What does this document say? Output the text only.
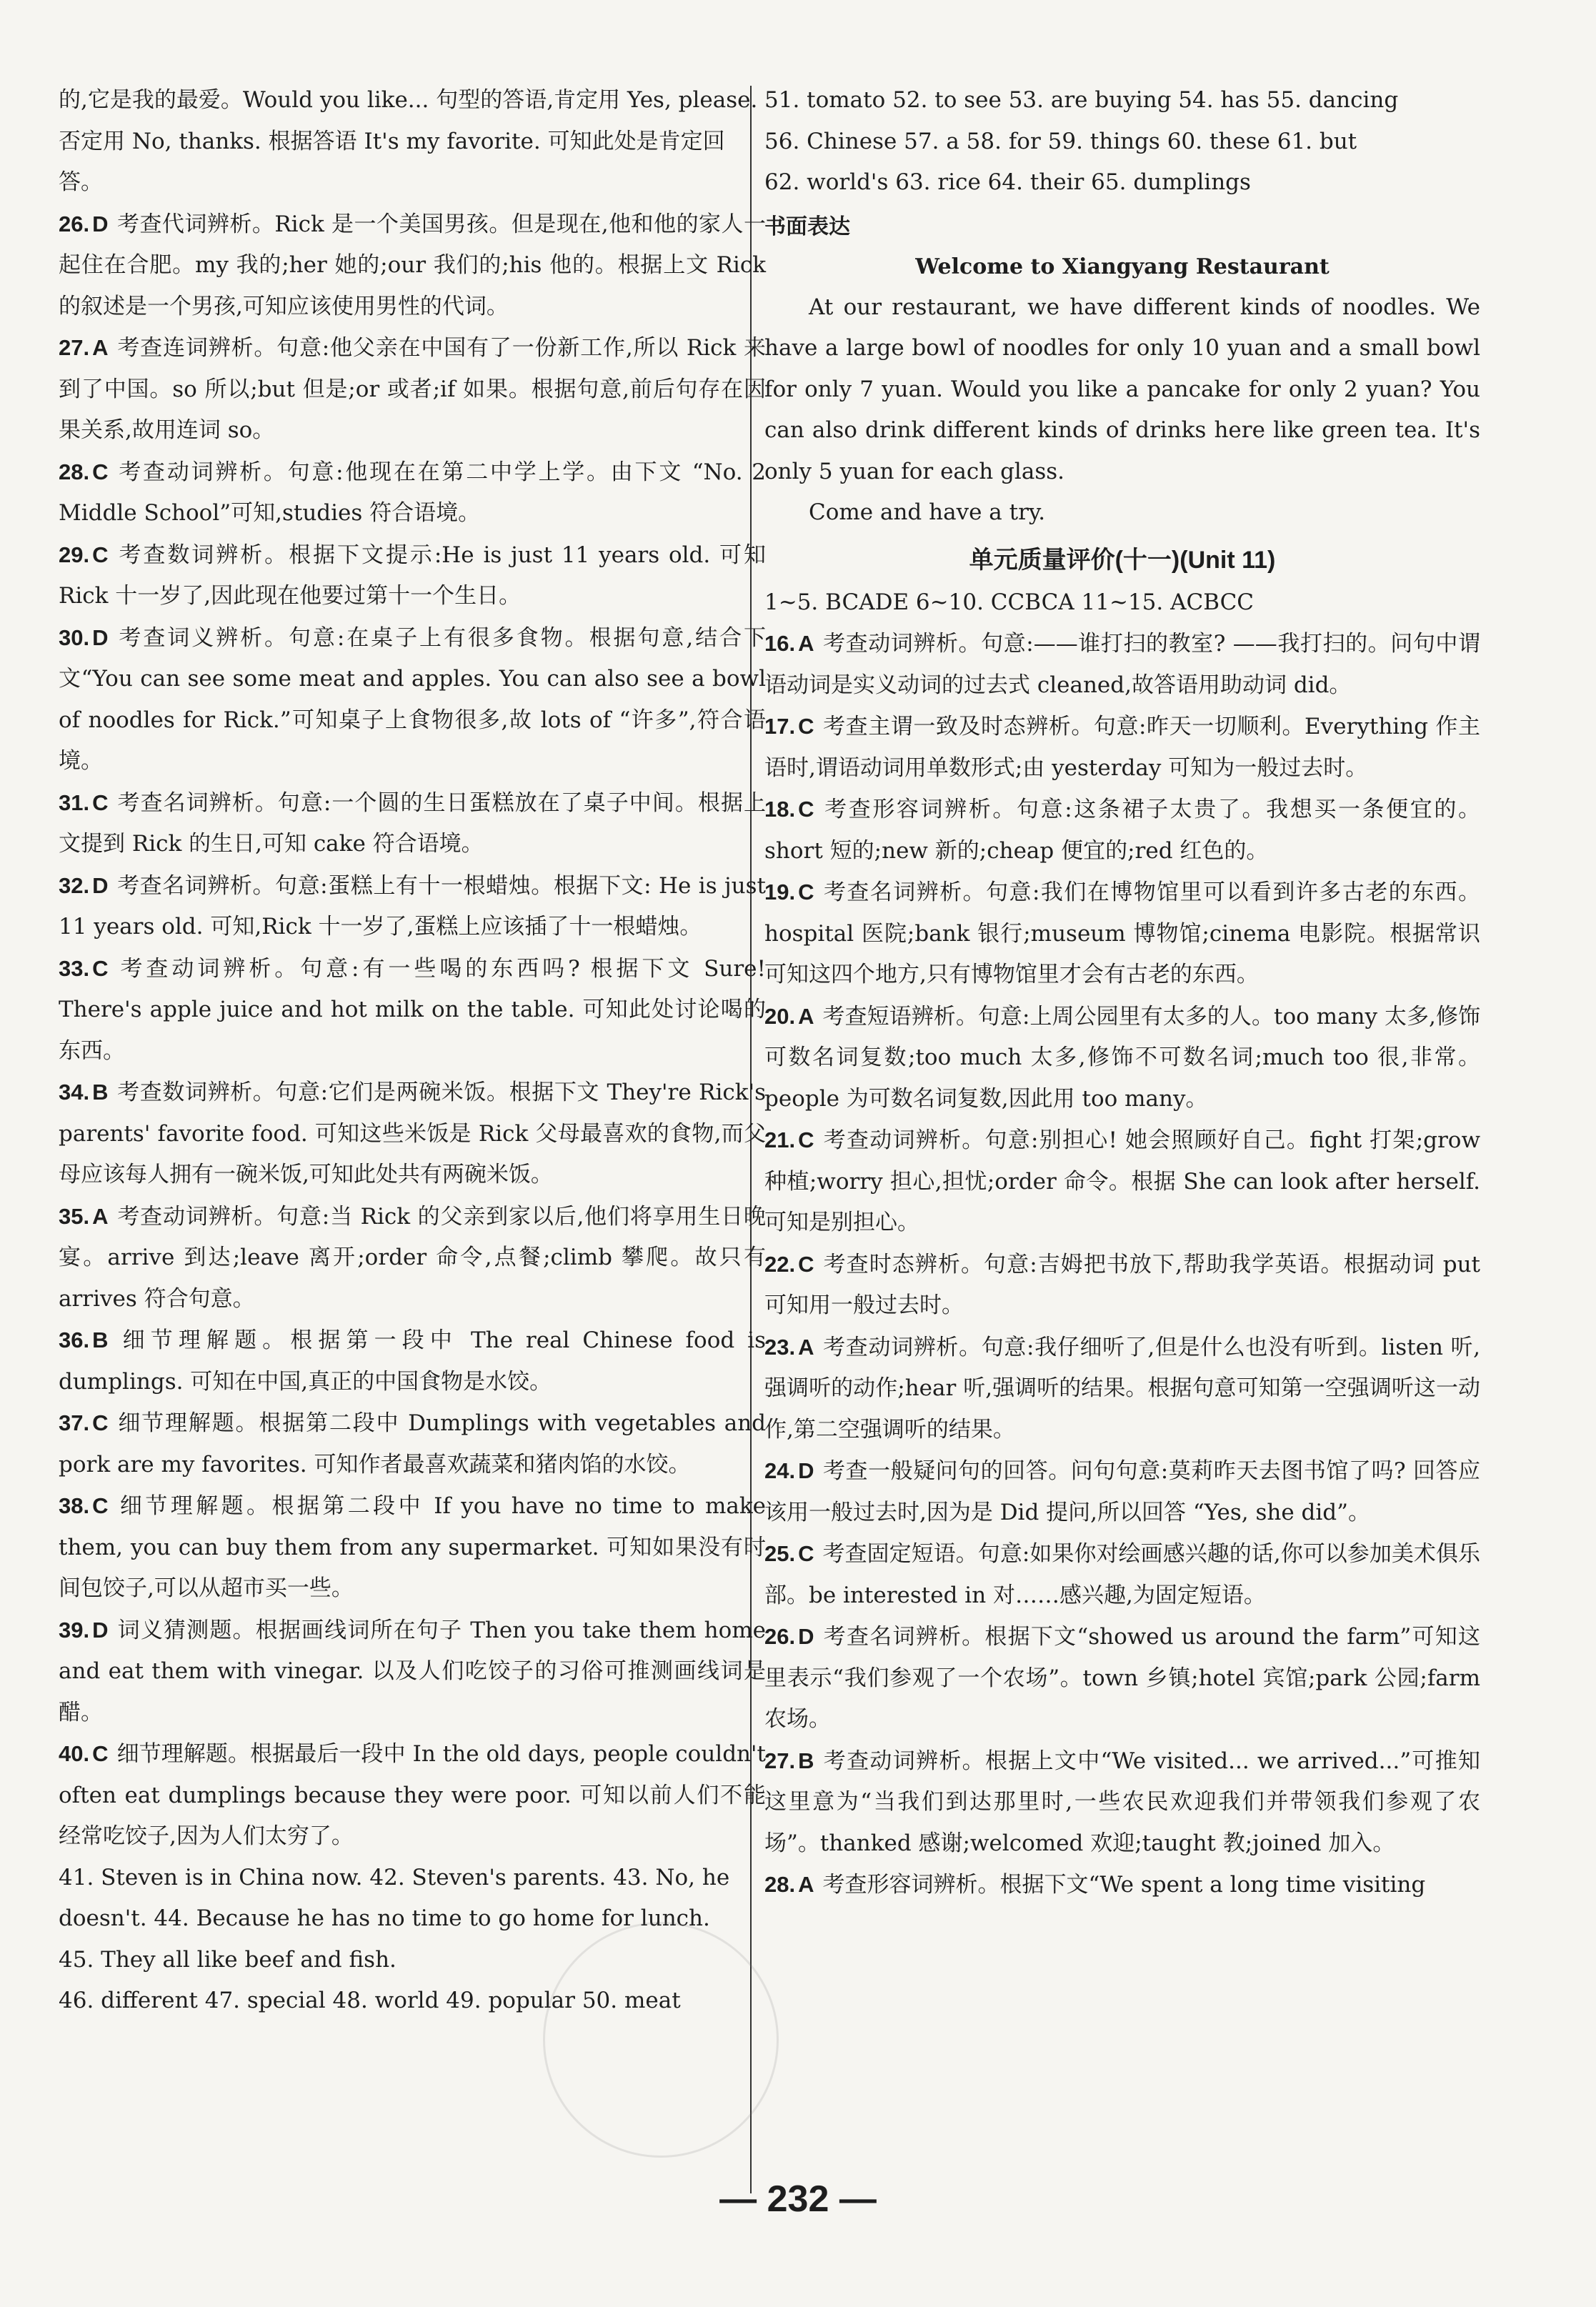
的,它是我的最爱。Would you like... 句型的答语,肯定用 Yes, please. 否定用 No, thanks. 根据答语 It's my favorite. 可知此处是肯定回答。

26. D 考查代词辨析。Rick 是一个美国男孩。但是现在,他和他的家人一起住在合肥。my 我的;her 她的;our 我们的;his 他的。根据上文 Rick 的叙述是一个男孩,可知应该使用男性的代词。

27. A 考查连词辨析。句意:他父亲在中国有了一份新工作,所以 Rick 来到了中国。so 所以;but 但是;or 或者;if 如果。根据句意,前后句存在因果关系,故用连词 so。

28. C 考查动词辨析。句意:他现在在第二中学上学。由下文 “No. 2 Middle School”可知,studies 符合语境。

29. C 考查数词辨析。根据下文提示:He is just 11 years old. 可知 Rick 十一岁了,因此现在他要过第十一个生日。

30. D 考查词义辨析。句意:在桌子上有很多食物。根据句意,结合下文“You can see some meat and apples. You can also see a bowl of noodles for Rick.”可知桌子上食物很多,故 lots of “许多”,符合语境。

31. C 考查名词辨析。句意:一个圆的生日蛋糕放在了桌子中间。根据上文提到 Rick 的生日,可知 cake 符合语境。

32. D 考查名词辨析。句意:蛋糕上有十一根蜡烛。根据下文: He is just 11 years old. 可知,Rick 十一岁了,蛋糕上应该插了十一根蜡烛。

33. C 考查动词辨析。句意:有一些喝的东西吗? 根据下文 Sure! There's apple juice and hot milk on the table. 可知此处讨论喝的东西。

34. B 考查数词辨析。句意:它们是两碗米饭。根据下文 They're Rick's parents' favorite food. 可知这些米饭是 Rick 父母最喜欢的食物,而父母应该每人拥有一碗米饭,可知此处共有两碗米饭。

35. A 考查动词辨析。句意:当 Rick 的父亲到家以后,他们将享用生日晚宴。arrive 到达;leave 离开;order 命令,点餐;climb 攀爬。故只有 arrives 符合句意。

36. B 细节理解题。根据第一段中 The real Chinese food is dumplings. 可知在中国,真正的中国食物是水饺。

37. C 细节理解题。根据第二段中 Dumplings with vegetables and pork are my favorites. 可知作者最喜欢蔬菜和猪肉馅的水饺。

38. C 细节理解题。根据第二段中 If you have no time to make them, you can buy them from any supermarket. 可知如果没有时间包饺子,可以从超市买一些。

39. D 词义猜测题。根据画线词所在句子 Then you take them home and eat them with vinegar. 以及人们吃饺子的习俗可推测画线词是醋。

40. C 细节理解题。根据最后一段中 In the old days, people couldn't often eat dumplings because they were poor. 可知以前人们不能经常吃饺子,因为人们太穷了。

41. Steven is in China now. 42. Steven's parents. 43. No, he doesn't. 44. Because he has no time to go home for lunch.

45. They all like beef and fish.

46. different 47. special 48. world 49. popular 50. meat

51. tomato 52. to see 53. are buying 54. has 55. dancing

56. Chinese 57. a 58. for 59. things 60. these 61. but

62. world's 63. rice 64. their 65. dumplings

书面表达

Welcome to Xiangyang Restaurant

At our restaurant, we have different kinds of noodles. We have a large bowl of noodles for only 10 yuan and a small bowl for only 7 yuan. Would you like a pancake for only 2 yuan? You can also drink different kinds of drinks here like green tea. It's only 5 yuan for each glass.

Come and have a try.

单元质量评价(十一)(Unit 11)

1~5. BCADE 6~10. CCBCA 11~15. ACBCC

16. A 考查动词辨析。句意:——谁打扫的教室? ——我打扫的。问句中谓语动词是实义动词的过去式 cleaned,故答语用助动词 did。

17. C 考查主谓一致及时态辨析。句意:昨天一切顺利。Everything 作主语时,谓语动词用单数形式;由 yesterday 可知为一般过去时。

18. C 考查形容词辨析。句意:这条裙子太贵了。我想买一条便宜的。short 短的;new 新的;cheap 便宜的;red 红色的。

19. C 考查名词辨析。句意:我们在博物馆里可以看到许多古老的东西。hospital 医院;bank 银行;museum 博物馆;cinema 电影院。根据常识可知这四个地方,只有博物馆里才会有古老的东西。

20. A 考查短语辨析。句意:上周公园里有太多的人。too many 太多,修饰可数名词复数;too much 太多,修饰不可数名词;much too 很,非常。people 为可数名词复数,因此用 too many。

21. C 考查动词辨析。句意:别担心! 她会照顾好自己。fight 打架;grow 种植;worry 担心,担忧;order 命令。根据 She can look after herself. 可知是别担心。

22. C 考查时态辨析。句意:吉姆把书放下,帮助我学英语。根据动词 put 可知用一般过去时。

23. A 考查动词辨析。句意:我仔细听了,但是什么也没有听到。listen 听,强调听的动作;hear 听,强调听的结果。根据句意可知第一空强调听这一动作,第二空强调听的结果。

24. D 考查一般疑问句的回答。问句句意:莫莉昨天去图书馆了吗? 回答应该用一般过去时,因为是 Did 提问,所以回答 “Yes, she did”。

25. C 考查固定短语。句意:如果你对绘画感兴趣的话,你可以参加美术俱乐部。be interested in 对……感兴趣,为固定短语。

26. D 考查名词辨析。根据下文“showed us around the farm”可知这里表示“我们参观了一个农场”。town 乡镇;hotel 宾馆;park 公园;farm 农场。

27. B 考查动词辨析。根据上文中“We visited... we arrived...”可推知这里意为“当我们到达那里时,一些农民欢迎我们并带领我们参观了农场”。thanked 感谢;welcomed 欢迎;taught 教;joined 加入。

28. A 考查形容词辨析。根据下文“We spent a long time visiting

— 232 —
